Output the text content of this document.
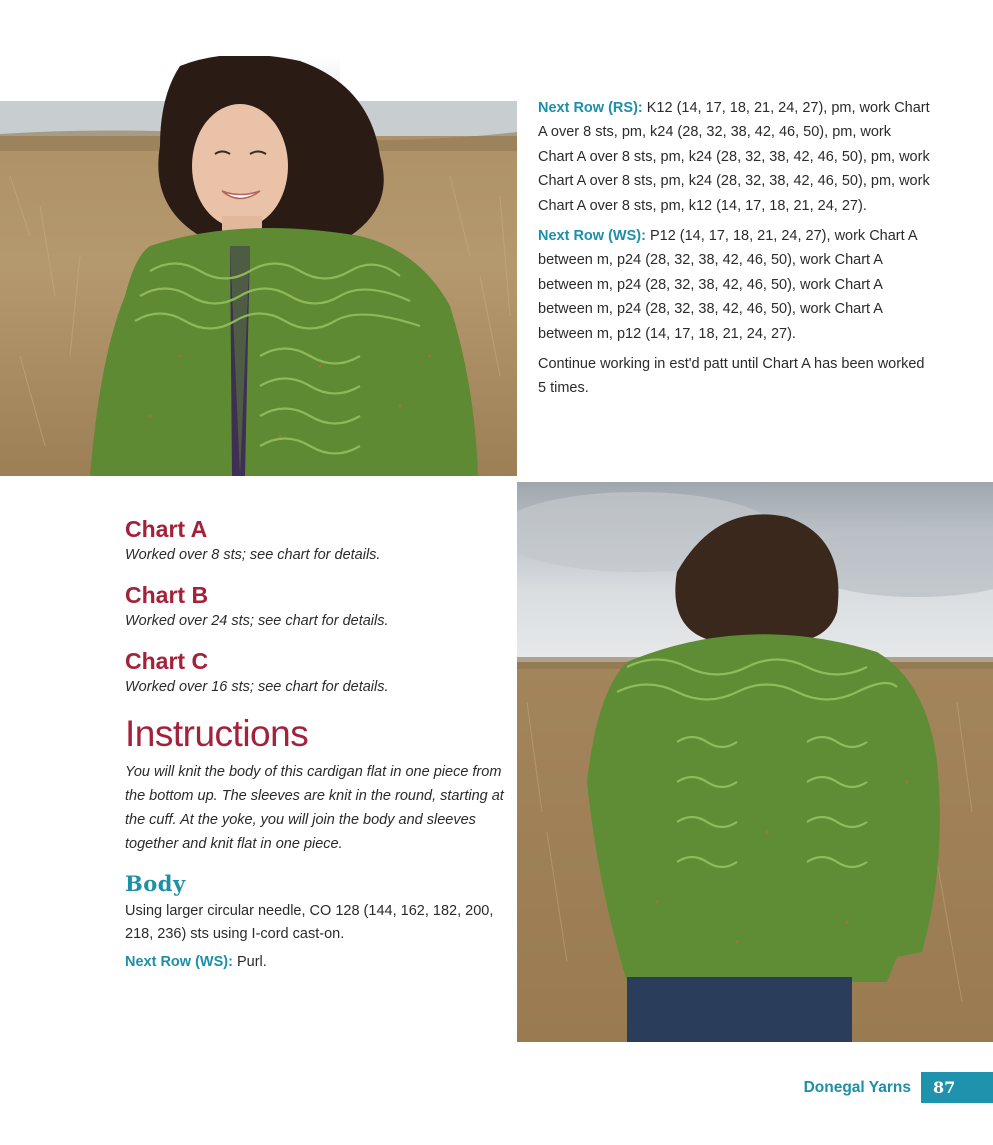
Next Row (RS): K12 (14, 17, 18, 21, 24, 27), pm, work Chart A over 8 sts, pm, k24 (28, 32, 38, 42, 46, 50), pm, work Chart A over 8 sts, pm, k24 (28, 32, 38, 42, 46, 50), pm, work Chart A over 8 sts, pm, k24 (28, 32, 38, 42, 46, 50), pm, work Chart A over 8 sts, pm, k12 (14, 17, 18, 21, 24, 27).

Next Row (WS): P12 (14, 17, 18, 21, 24, 27), work Chart A between m, p24 (28, 32, 38, 42, 46, 50), work Chart A between m, p24 (28, 32, 38, 42, 46, 50), work Chart A between m, p24 (28, 32, 38, 42, 46, 50), work Chart A between m, p12 (14, 17, 18, 21, 24, 27).

Continue working in est'd patt until Chart A has been worked 5 times.

Chart A

Worked over 8 sts; see chart for details.

Chart B

Worked over 24 sts; see chart for details.

Chart C

Worked over 16 sts; see chart for details.

Instructions

You will knit the body of this cardigan flat in one piece from the bottom up. The sleeves are knit in the round, starting at the cuff. At the yoke, you will join the body and sleeves together and knit flat in one piece.

Body

Using larger circular needle, CO 128 (144, 162, 182, 200, 218, 236) sts using I-cord cast-on.

Next Row (WS): Purl.

Donegal Yarns	87
